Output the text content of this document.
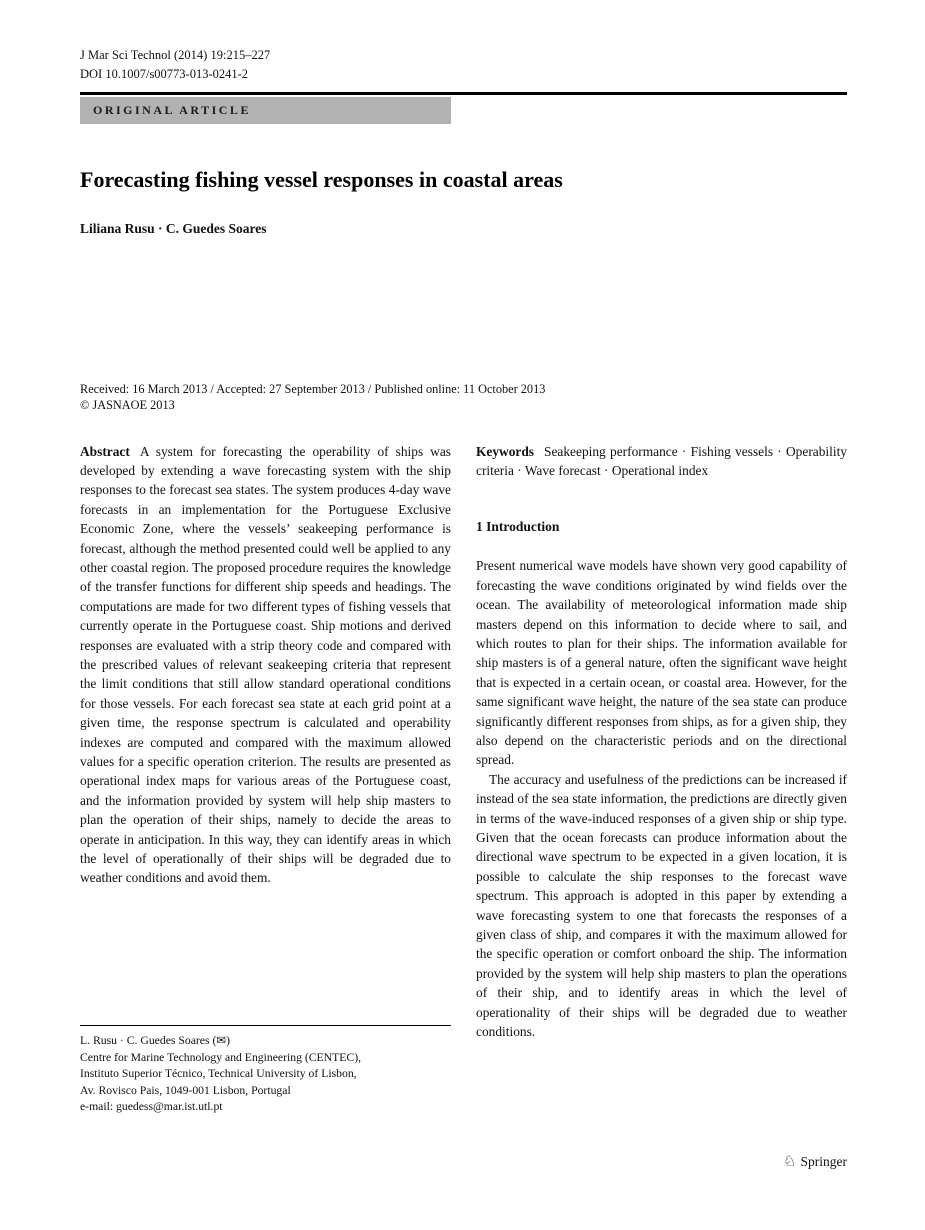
J Mar Sci Technol (2014) 19:215–227
DOI 10.1007/s00773-013-0241-2
ORIGINAL ARTICLE
Forecasting fishing vessel responses in coastal areas
Liliana Rusu · C. Guedes Soares
Received: 16 March 2013 / Accepted: 27 September 2013 / Published online: 11 October 2013
© JASNAOE 2013

Abstract A system for forecasting the operability of ships was developed by extending a wave forecasting system with the ship responses to the forecast sea states. The system produces 4-day wave forecasts in an implementation for the Portuguese Exclusive Economic Zone, where the vessels’ seakeeping performance is forecast, although the method presented could well be applied to any other coastal region. The proposed procedure requires the knowledge of the transfer functions for different ship speeds and headings. The computations are made for two different types of fishing vessels that currently operate in the Portuguese coast. Ship motions and derived responses are evaluated with a strip theory code and compared with the prescribed values of relevant seakeeping criteria that represent the limit conditions that still allow standard operational conditions for those vessels. For each forecast sea state at each grid point at a given time, the response spectrum is calculated and operability indexes are computed and compared with the maximum allowed values for a specific operation criterion. The results are presented as operational index maps for various areas of the Portuguese coast, and the information provided by system will help ship masters to plan the operation of their ships, namely to decide the areas to operate in anticipation. In this way, they can identify areas in which the level of operationally of their ships will be degraded due to weather conditions and avoid them.

L. Rusu · C. Guedes Soares (✉)
Centre for Marine Technology and Engineering (CENTEC),
Instituto Superior Técnico, Technical University of Lisbon,
Av. Rovisco Pais, 1049-001 Lisbon, Portugal
e-mail: guedess@mar.ist.utl.pt

Keywords Seakeeping performance · Fishing vessels · Operability criteria · Wave forecast · Operational index

1 Introduction

Present numerical wave models have shown very good capability of forecasting the wave conditions originated by wind fields over the ocean. The availability of meteorological information made ship masters depend on this information to decide where to sail, and which routes to plan for their ships. The information available for ship masters is of a general nature, often the significant wave height that is expected in a certain ocean, or coastal area. However, for the same significant wave height, the nature of the sea state can produce significantly different responses from ships, as for a given ship, they also depend on the characteristic periods and on the directional spread.

The accuracy and usefulness of the predictions can be increased if instead of the sea state information, the predictions are directly given in terms of the wave-induced responses of a given ship or ship type. Given that the ocean forecasts can produce information about the directional wave spectrum to be expected in a given location, it is possible to calculate the ship responses to the forecast wave spectrum. This approach is adopted in this paper by extending a wave forecasting system to one that forecasts the responses of a given class of ship, and compares it with the maximum allowed for the specific operation or comfort onboard the ship. The information provided by the system will help ship masters to plan the operations of their ship, and to identify areas in which the level of operationality of their ships will be degraded due to weather conditions.

♘ Springer
